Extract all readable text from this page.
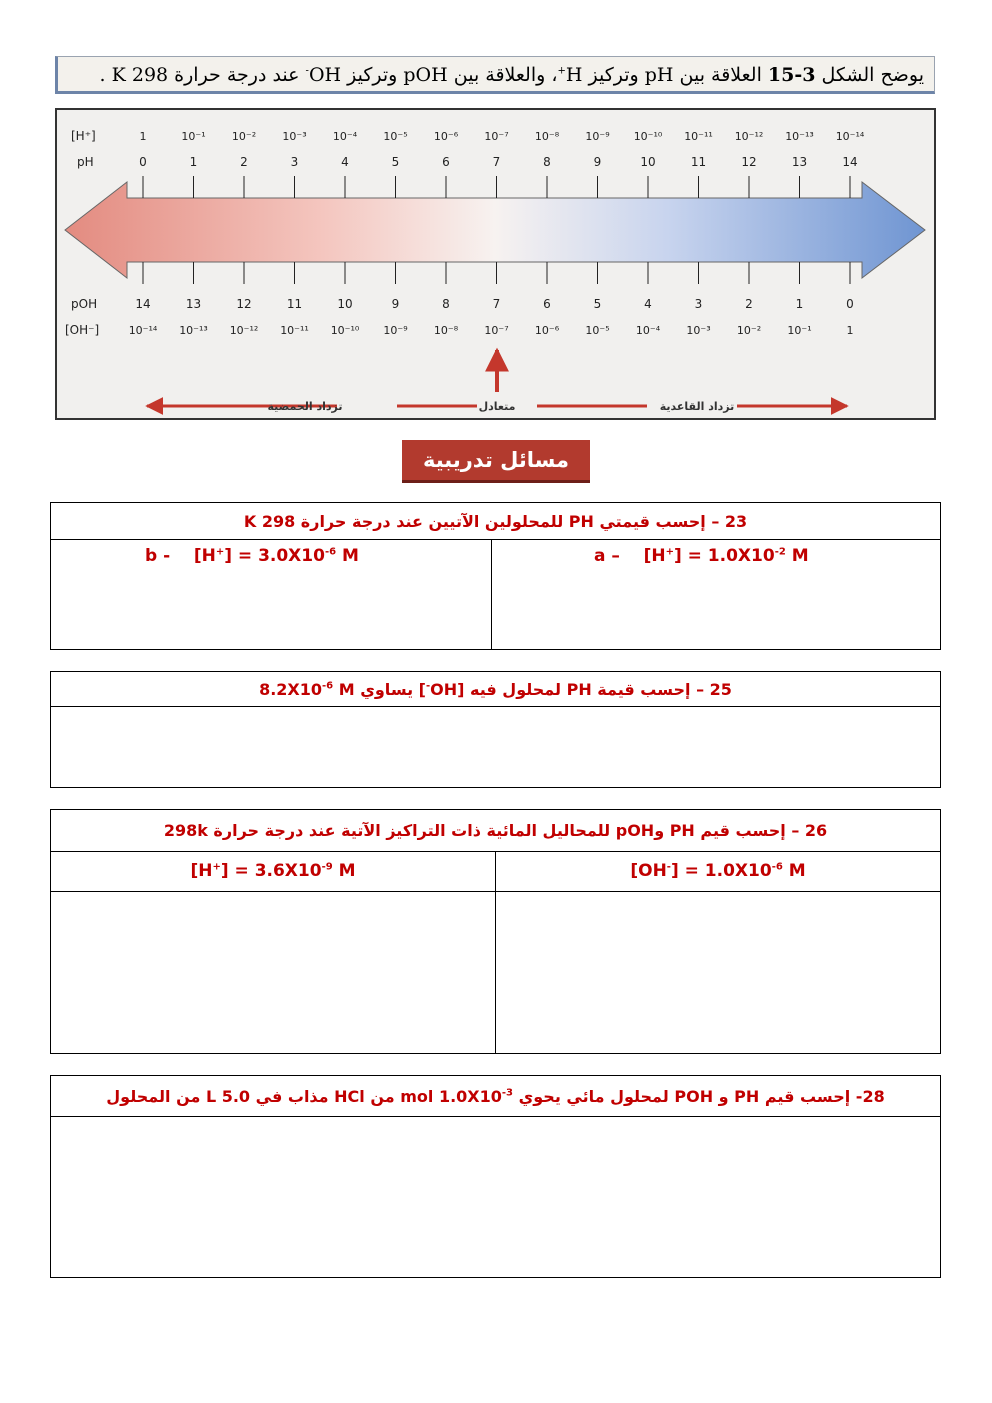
يوضح الشكل 3-15 العلاقة بين pH وتركيز H+، والعلاقة بين pOH وتركيز OH- عند درجة حرارة 298 K .
1
0
14
10⁻¹⁴
10⁻¹
1
13
10⁻¹³
10⁻²
2
12
10⁻¹²
10⁻³
3
11
10⁻¹¹
10⁻⁴
4
10
10⁻¹⁰
10⁻⁵
5
9
10⁻⁹
10⁻⁶
6
8
10⁻⁸
10⁻⁷
7
7
10⁻⁷
10⁻⁸
8
6
10⁻⁶
10⁻⁹
9
5
10⁻⁵
10⁻¹⁰
10
4
10⁻⁴
10⁻¹¹
11
3
10⁻³
10⁻¹²
12
2
10⁻²
10⁻¹³
13
1
10⁻¹
10⁻¹⁴
14
0
1
[H⁺]
pH
pOH
[OH⁻]
تزداد الحمضية	متعادل	تزداد القاعدية
مسائل تدريبية
23 – إحسب قيمتي PH للمحلولين الآتيين عند درجة حرارة 298 K
a –    $[H^+] = 1.0X10^{-2}$ M
b -    $[H^+] = 3.0X10^{-6}$ M
25 – إحسب قيمة PH لمحلول فيه [OH-] يساوي $8.2X10^{-6}$ M
26 – إحسب قيم PH وpOH للمحاليل المائية ذات التراكيز الآتية عند درجة حرارة 298k
$[OH^-] = 1.0X10^{-6}$ M
$[H^+] = 3.6X10^{-9}$ M
28- إحسب قيم PH و POH لمحلول مائي يحوي mol $1.0X10^{-3}$ من HCl مذاب في 5.0 L من المحلول
